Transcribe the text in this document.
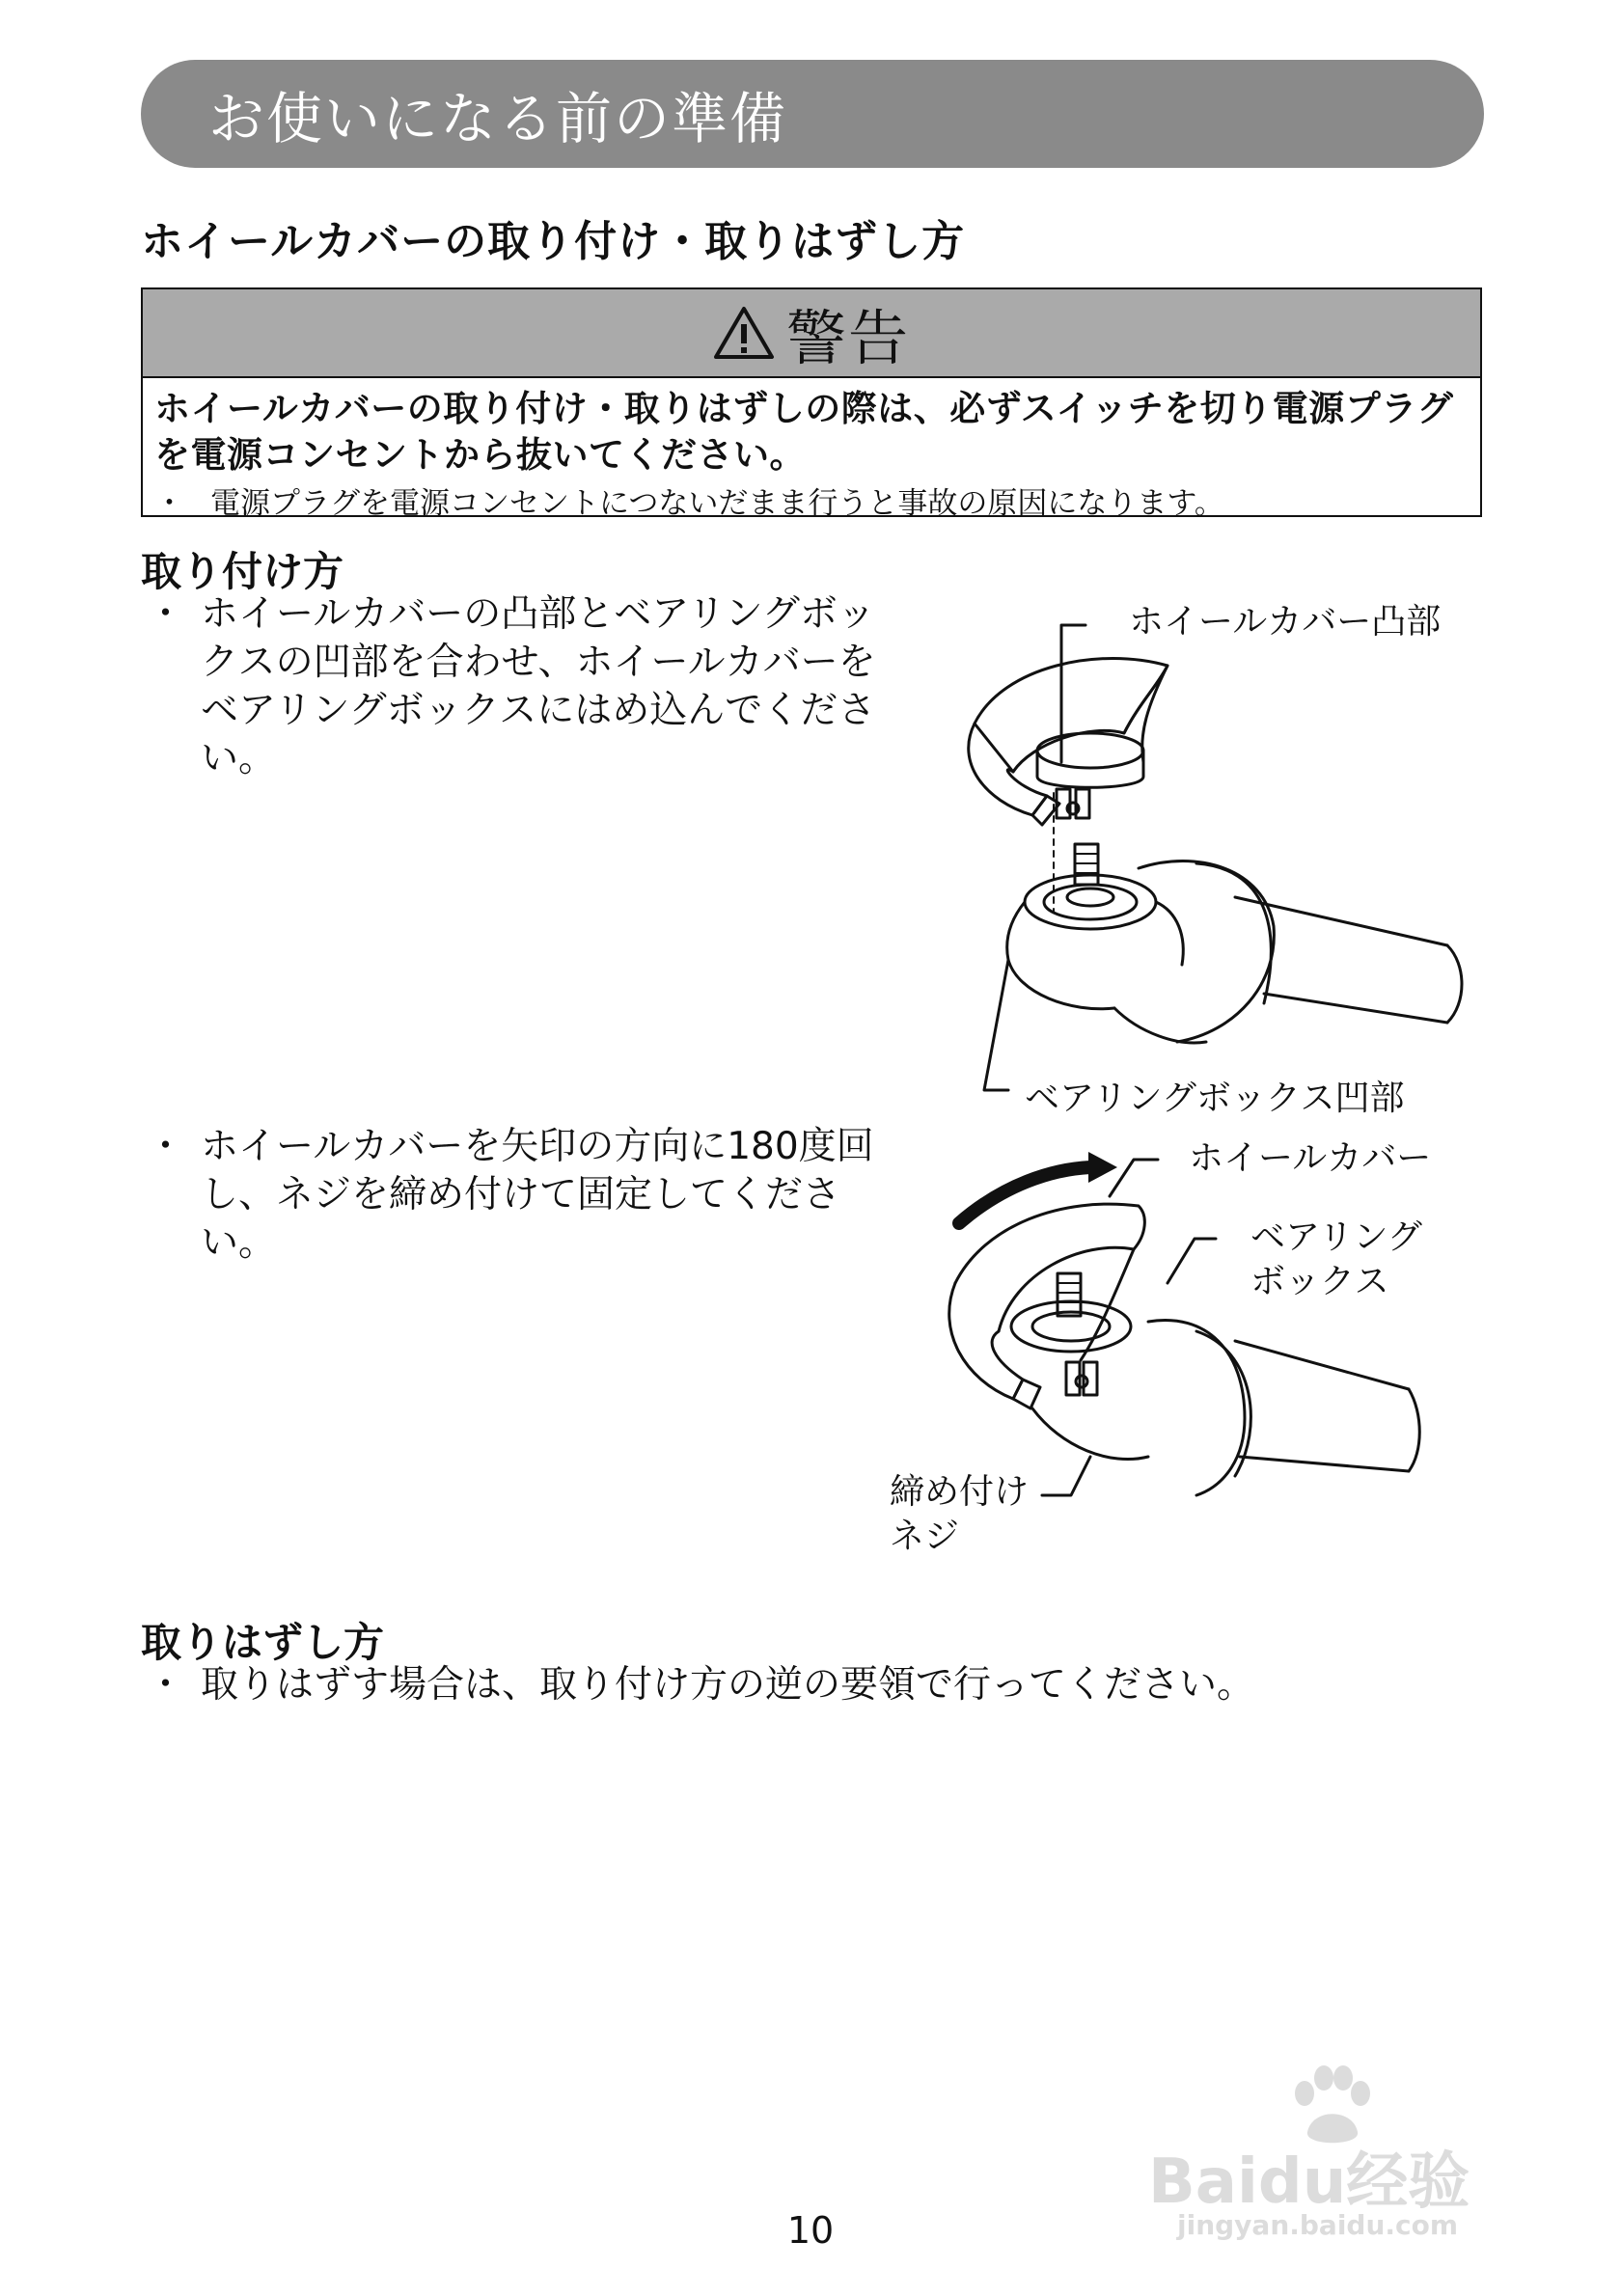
お使いになる前の準備
ホイールカバーの取り付け・取りはずし方
警告
ホイールカバーの取り付け・取りはずしの際は、必ずスイッチを切り電源プラグを電源コンセントから抜いてください。
・ 電源プラグを電源コンセントにつないだまま行うと事故の原因になります。
取り付け方
・ ホイールカバーの凸部とベアリングボックスの凹部を合わせ、ホイールカバーをベアリングボックスにはめ込んでください。
・ ホイールカバーを矢印の方向に180度回し、ネジを締め付けて固定してください。
ホイールカバー凸部
ベアリングボックス凹部
ホイールカバー
ベアリング
ボックス
締め付け
ネジ
取りはずし方
・ 取りはずす場合は、取り付け方の逆の要領で行ってください。
Baidu经验
jingyan.baidu.com
10
